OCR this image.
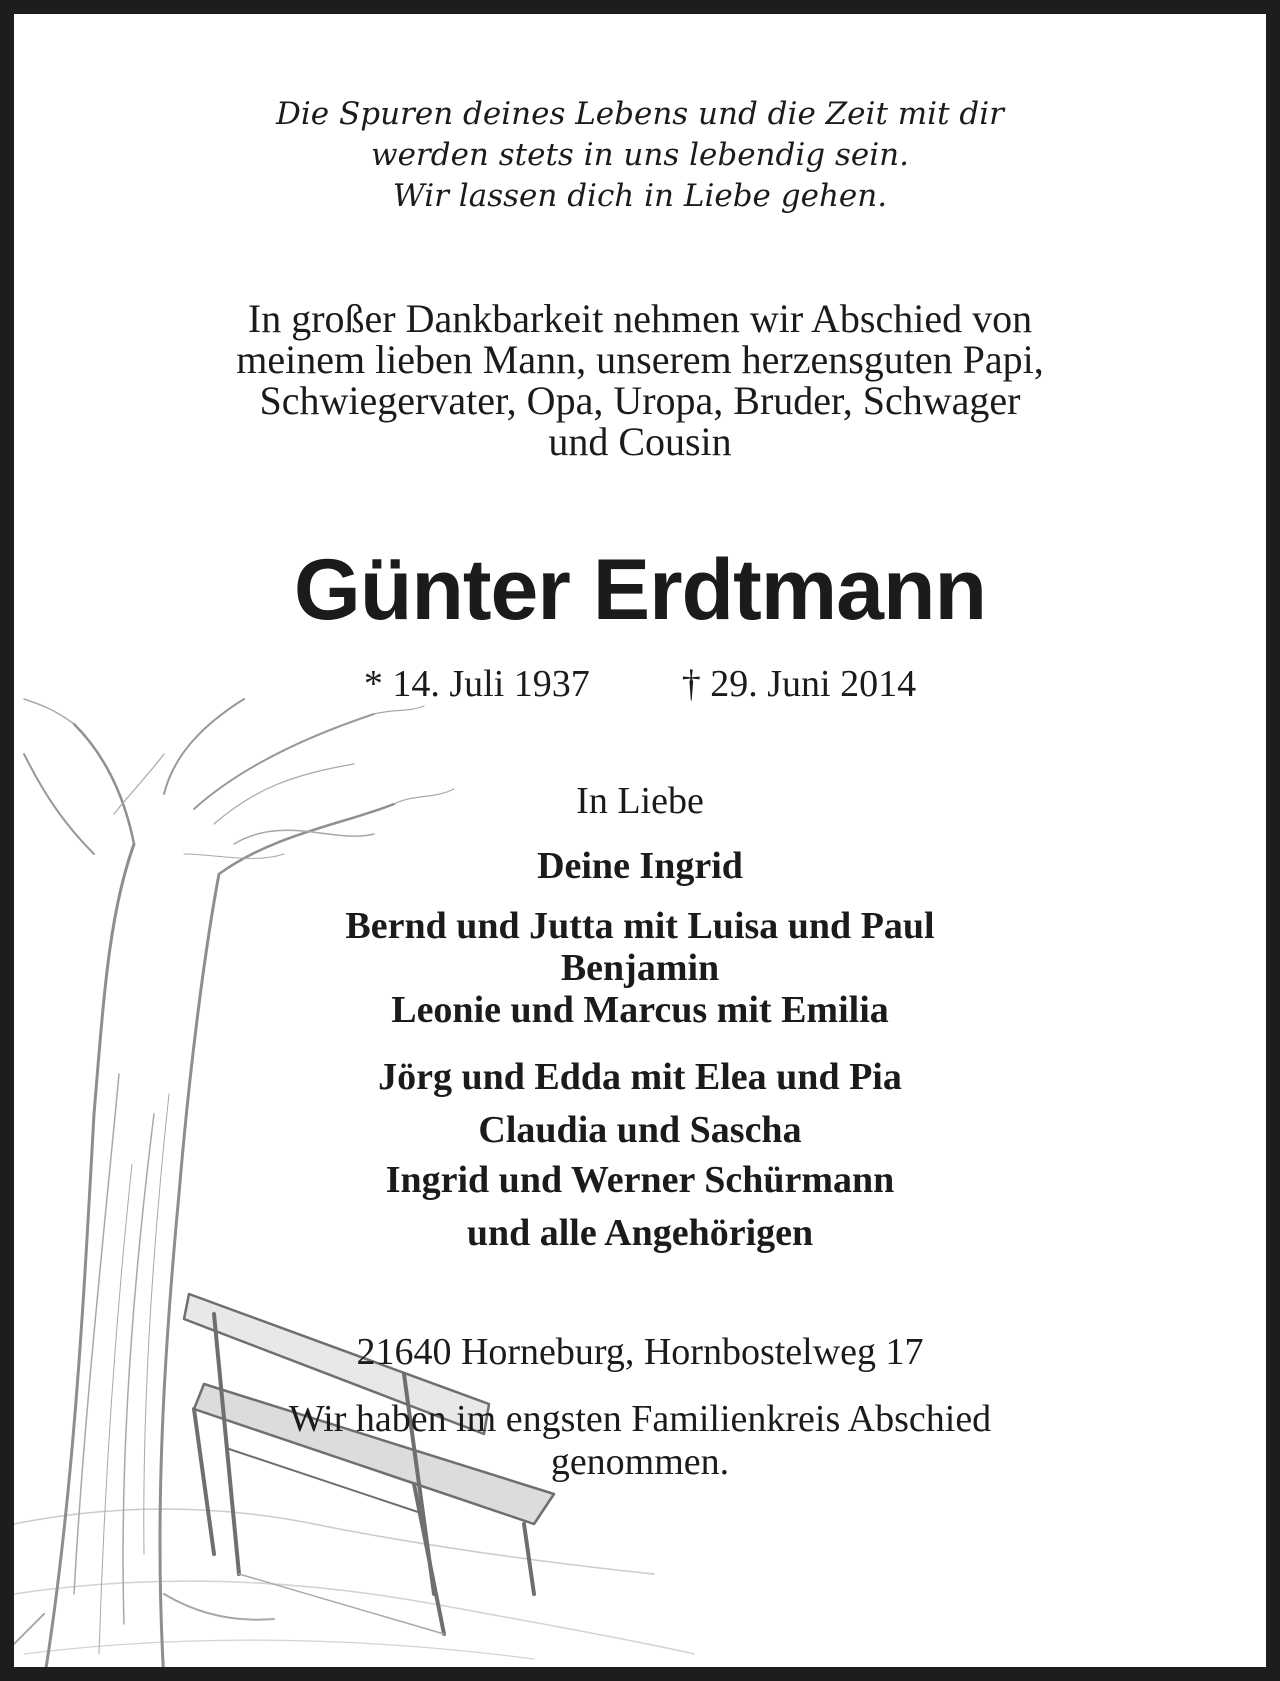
Die Spuren deines Lebens und die Zeit mit dir
werden stets in uns lebendig sein.
Wir lassen dich in Liebe gehen.
In großer Dankbarkeit nehmen wir Abschied von
meinem lieben Mann, unserem herzensguten Papi,
Schwiegervater, Opa, Uropa, Bruder, Schwager
und Cousin
Günter Erdtmann
* 14. Juli 1937 † 29. Juni 2014
In Liebe
Deine Ingrid
Bernd und Jutta mit Luisa und Paul
Benjamin
Leonie und Marcus mit Emilia
Jörg und Edda mit Elea und Pia
Claudia und Sascha
Ingrid und Werner Schürmann
und alle Angehörigen
21640 Horneburg, Hornbostelweg 17
Wir haben im engsten Familienkreis Abschied
genommen.
